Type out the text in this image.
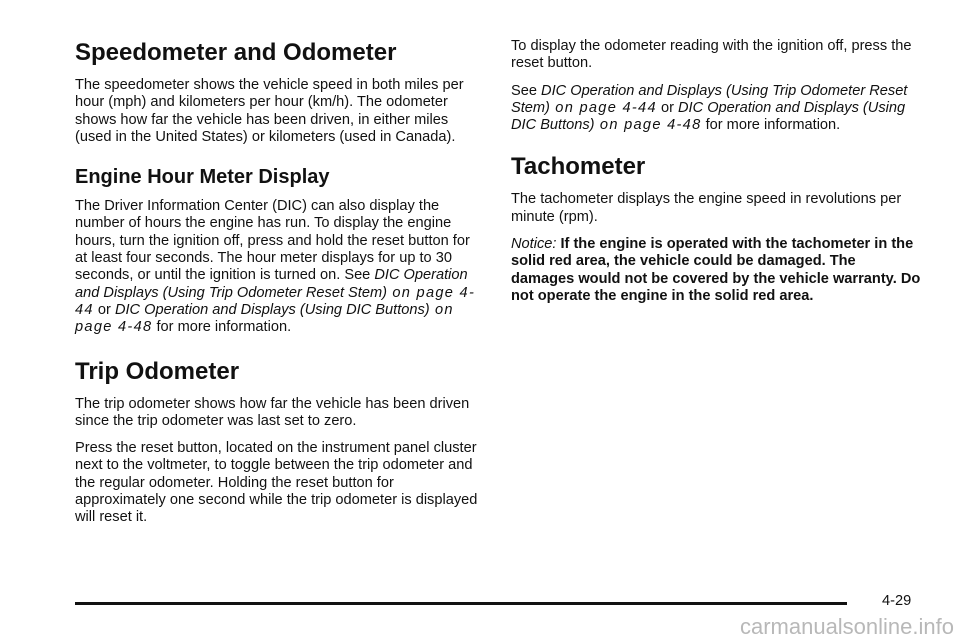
Speedometer and Odometer

The speedometer shows the vehicle speed in both miles per hour (mph) and kilometers per hour (km/h). The odometer shows how far the vehicle has been driven, in either miles (used in the United States) or kilometers (used in Canada).

Engine Hour Meter Display

The Driver Information Center (DIC) can also display the number of hours the engine has run. To display the engine hours, turn the ignition off, press and hold the reset button for at least four seconds. The hour meter displays for up to 30 seconds, or until the ignition is turned on. See DIC Operation and Displays (Using Trip Odometer Reset Stem) on page 4-44 or DIC Operation and Displays (Using DIC Buttons) on page 4-48 for more information.

Trip Odometer

The trip odometer shows how far the vehicle has been driven since the trip odometer was last set to zero.

Press the reset button, located on the instrument panel cluster next to the voltmeter, to toggle between the trip odometer and the regular odometer. Holding the reset button for approximately one second while the trip odometer is displayed will reset it.

To display the odometer reading with the ignition off, press the reset button.

See DIC Operation and Displays (Using Trip Odometer Reset Stem) on page 4-44 or DIC Operation and Displays (Using DIC Buttons) on page 4-48 for more information.

Tachometer

The tachometer displays the engine speed in revolutions per minute (rpm).

Notice: If the engine is operated with the tachometer in the solid red area, the vehicle could be damaged. The damages would not be covered by the vehicle warranty. Do not operate the engine in the solid red area.

4-29
carmanualsonline.info
